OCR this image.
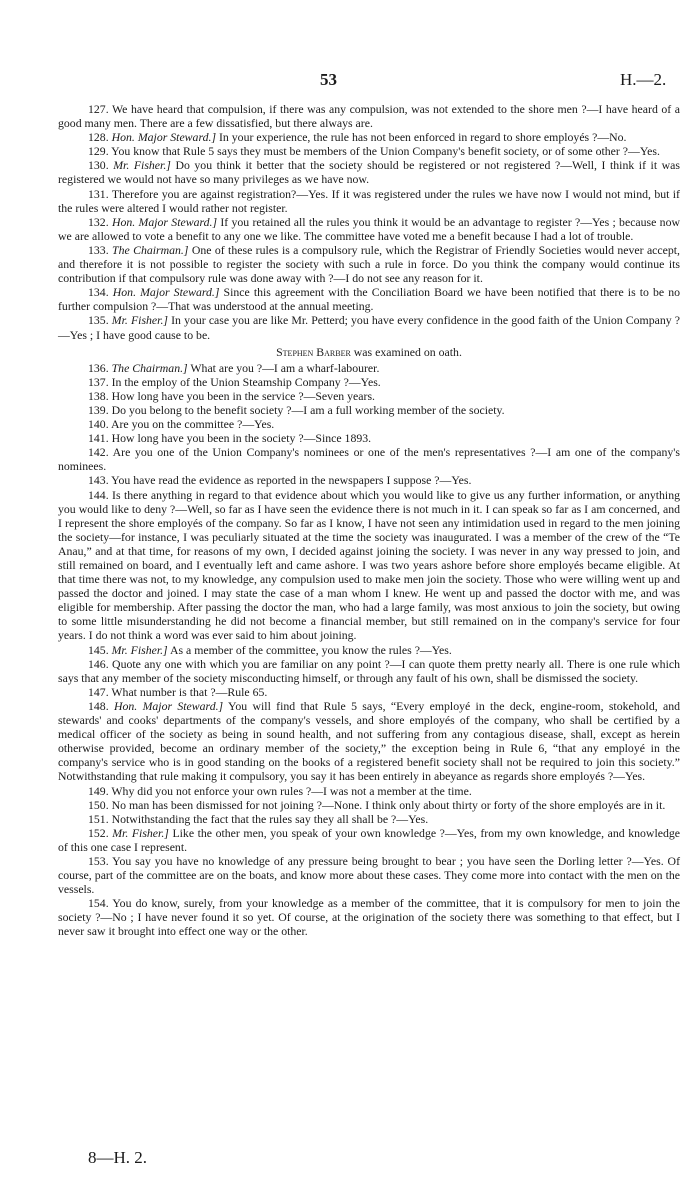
53	H.—2.

127. We have heard that compulsion, if there was any compulsion, was not extended to the shore men ?—I have heard of a good many men. There are a few dissatisfied, but there always are.

128. Hon. Major Steward.] In your experience, the rule has not been enforced in regard to shore employés ?—No.

129. You know that Rule 5 says they must be members of the Union Company's benefit society, or of some other ?—Yes.

130. Mr. Fisher.] Do you think it better that the society should be registered or not registered ?—Well, I think if it was registered we would not have so many privileges as we have now.

131. Therefore you are against registration?—Yes. If it was registered under the rules we have now I would not mind, but if the rules were altered I would rather not register.

132. Hon. Major Steward.] If you retained all the rules you think it would be an advantage to register ?—Yes ; because now we are allowed to vote a benefit to any one we like. The committee have voted me a benefit because I had a lot of trouble.

133. The Chairman.] One of these rules is a compulsory rule, which the Registrar of Friendly Societies would never accept, and therefore it is not possible to register the society with such a rule in force. Do you think the company would continue its contribution if that compulsory rule was done away with ?—I do not see any reason for it.

134. Hon. Major Steward.] Since this agreement with the Conciliation Board we have been notified that there is to be no further compulsion ?—That was understood at the annual meeting.

135. Mr. Fisher.] In your case you are like Mr. Petterd; you have every confidence in the good faith of the Union Company ?—Yes ; I have good cause to be.

Stephen Barber was examined on oath.

136. The Chairman.] What are you ?—I am a wharf-labourer.

137. In the employ of the Union Steamship Company ?—Yes.

138. How long have you been in the service ?—Seven years.

139. Do you belong to the benefit society ?—I am a full working member of the society.

140. Are you on the committee ?—Yes.

141. How long have you been in the society ?—Since 1893.

142. Are you one of the Union Company's nominees or one of the men's representatives ?—I am one of the company's nominees.

143. You have read the evidence as reported in the newspapers I suppose ?—Yes.

144. Is there anything in regard to that evidence about which you would like to give us any further information, or anything you would like to deny ?—Well, so far as I have seen the evidence there is not much in it. I can speak so far as I am concerned, and I represent the shore employés of the company. So far as I know, I have not seen any intimidation used in regard to the men joining the society—for instance, I was peculiarly situated at the time the society was inaugurated. I was a member of the crew of the “Te Anau,” and at that time, for reasons of my own, I decided against joining the society. I was never in any way pressed to join, and still remained on board, and I eventually left and came ashore. I was two years ashore before shore employés became eligible. At that time there was not, to my knowledge, any compulsion used to make men join the society. Those who were willing went up and passed the doctor and joined. I may state the case of a man whom I knew. He went up and passed the doctor with me, and was eligible for membership. After passing the doctor the man, who had a large family, was most anxious to join the society, but owing to some little misunderstanding he did not become a financial member, but still remained on in the company's service for four years. I do not think a word was ever said to him about joining.

145. Mr. Fisher.] As a member of the committee, you know the rules ?—Yes.

146. Quote any one with which you are familiar on any point ?—I can quote them pretty nearly all. There is one rule which says that any member of the society misconducting himself, or through any fault of his own, shall be dismissed the society.

147. What number is that ?—Rule 65.

148. Hon. Major Steward.] You will find that Rule 5 says, “Every employé in the deck, engine-room, stokehold, and stewards' and cooks' departments of the company's vessels, and shore employés of the company, who shall be certified by a medical officer of the society as being in sound health, and not suffering from any contagious disease, shall, except as herein otherwise provided, become an ordinary member of the society,” the exception being in Rule 6, “that any employé in the company's service who is in good standing on the books of a registered benefit society shall not be required to join this society.” Notwithstanding that rule making it compulsory, you say it has been entirely in abeyance as regards shore employés ?—Yes.

149. Why did you not enforce your own rules ?—I was not a member at the time.

150. No man has been dismissed for not joining ?—None. I think only about thirty or forty of the shore employés are in it.

151. Notwithstanding the fact that the rules say they all shall be ?—Yes.

152. Mr. Fisher.] Like the other men, you speak of your own knowledge ?—Yes, from my own knowledge, and knowledge of this one case I represent.

153. You say you have no knowledge of any pressure being brought to bear ; you have seen the Dorling letter ?—Yes. Of course, part of the committee are on the boats, and know more about these cases. They come more into contact with the men on the vessels.

154. You do know, surely, from your knowledge as a member of the committee, that it is compulsory for men to join the society ?—No ; I have never found it so yet. Of course, at the origination of the society there was something to that effect, but I never saw it brought into effect one way or the other.

8—H. 2.
